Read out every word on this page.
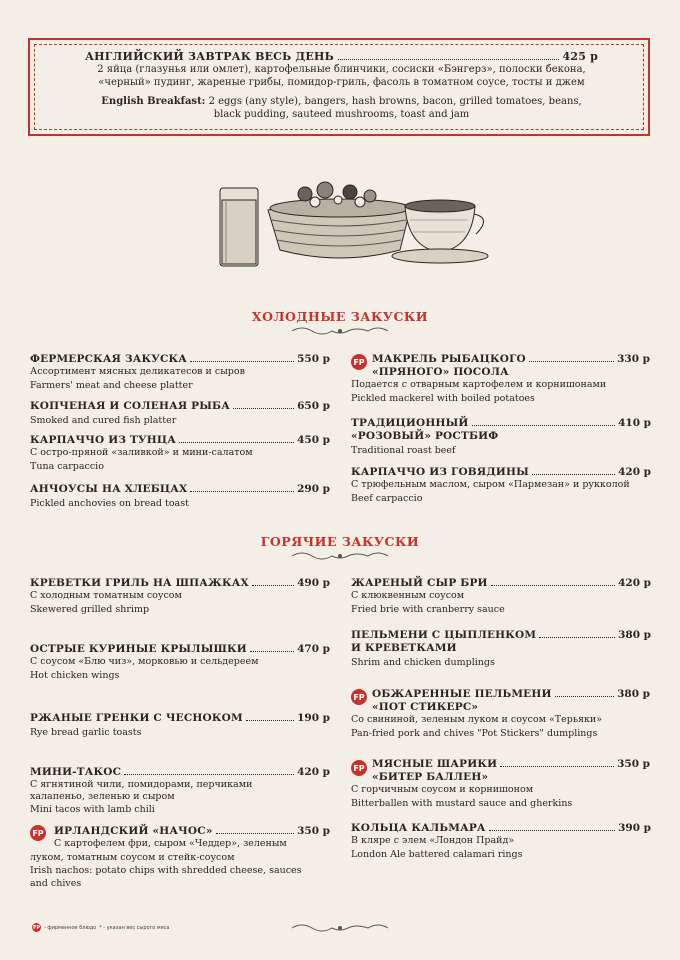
АНГЛИЙСКИЙ ЗАВТРАК ВЕСЬ ДЕНЬ	425 р
2 яйца (глазунья или омлет), картофельные блинчики, сосиски «Бэнгерз», полоски бекона,
«черный» пудинг, жареные грибы, помидор-гриль, фасоль в томатном соусе, тосты и джем
English Breakfast: 2 eggs (any style), bangers, hash browns, bacon, grilled tomatoes, beans,
black pudding, sauteed mushrooms, toast and jam
ХОЛОДНЫЕ ЗАКУСКИ
ФЕРМЕРСКАЯ ЗАКУСКА	550 р
Ассортимент мясных деликатесов и сыров
Farmers' meat and cheese platter
КОПЧЕНАЯ И СОЛЕНАЯ РЫБА	650 р
Smoked and cured fish platter
КАРПАЧЧО ИЗ ТУНЦА	450 р
С остро-пряной «заливкой» и мини-салатом
Tuna carpaccio
АНЧОУСЫ НА ХЛЕБЦАХ	290 р
Pickled anchovies on bread toast
FP МАКРЕЛЬ РЫБАЦКОГО	330 р
«ПРЯНОГО» ПОСОЛА
Подается с отварным картофелем и корнишонами
Pickled mackerel with boiled potatoes
ТРАДИЦИОННЫЙ	410 р
«РОЗОВЫЙ» РОСТБИФ
Traditional roast beef
КАРПАЧЧО ИЗ ГОВЯДИНЫ	420 р
С трюфельным маслом, сыром «Пармезан» и рукколой
Beef carpaccio
ГОРЯЧИЕ ЗАКУСКИ
КРЕВЕТКИ ГРИЛЬ НА ШПАЖКАХ	490 р
С холодным томатным соусом
Skewered grilled shrimp
ОСТРЫЕ КУРИНЫЕ КРЫЛЫШКИ	470 р
С соусом «Блю чиз», морковью и сельдереем
Hot chicken wings
РЖАНЫЕ ГРЕНКИ С ЧЕСНОКОМ	190 р
Rye bread garlic toasts
МИНИ-ТАКОС	420 р
С ягнятиной чили, помидорами, перчиками
халапеньо, зеленью и сыром
Mini tacos with lamb chili
FP ИРЛАНДСКИЙ «НАЧОС»	350 р
С картофелем фри, сыром «Чеддер», зеленым
луком, томатным соусом и стейк-соусом
Irish nachos: potato chips with shredded cheese, sauces
and chives
ЖАРЕНЫЙ СЫР БРИ	420 р
С клюквенным соусом
Fried brie with cranberry sauce
ПЕЛЬМЕНИ С ЦЫПЛЕНКОМ	380 р
И КРЕВЕТКАМИ
Shrim and chicken dumplings
FP ОБЖАРЕННЫЕ ПЕЛЬМЕНИ	380 р
«ПОТ СТИКЕРС»
Со свининой, зеленым луком и соусом «Терьяки»
Pan-fried pork and chives "Pot Stickers" dumplings
FP МЯСНЫЕ ШАРИКИ	350 р
«БИТЕР БАЛЛЕН»
С горчичным соусом и корнишоном
Bitterballen with mustard sauce and gherkins
КОЛЬЦА КАЛЬМАРА	390 р
В кляре с элем «Лондон Прайд»
London Ale battered calamari rings
FP - фирменное блюдо * - указан вес сырого мяса
